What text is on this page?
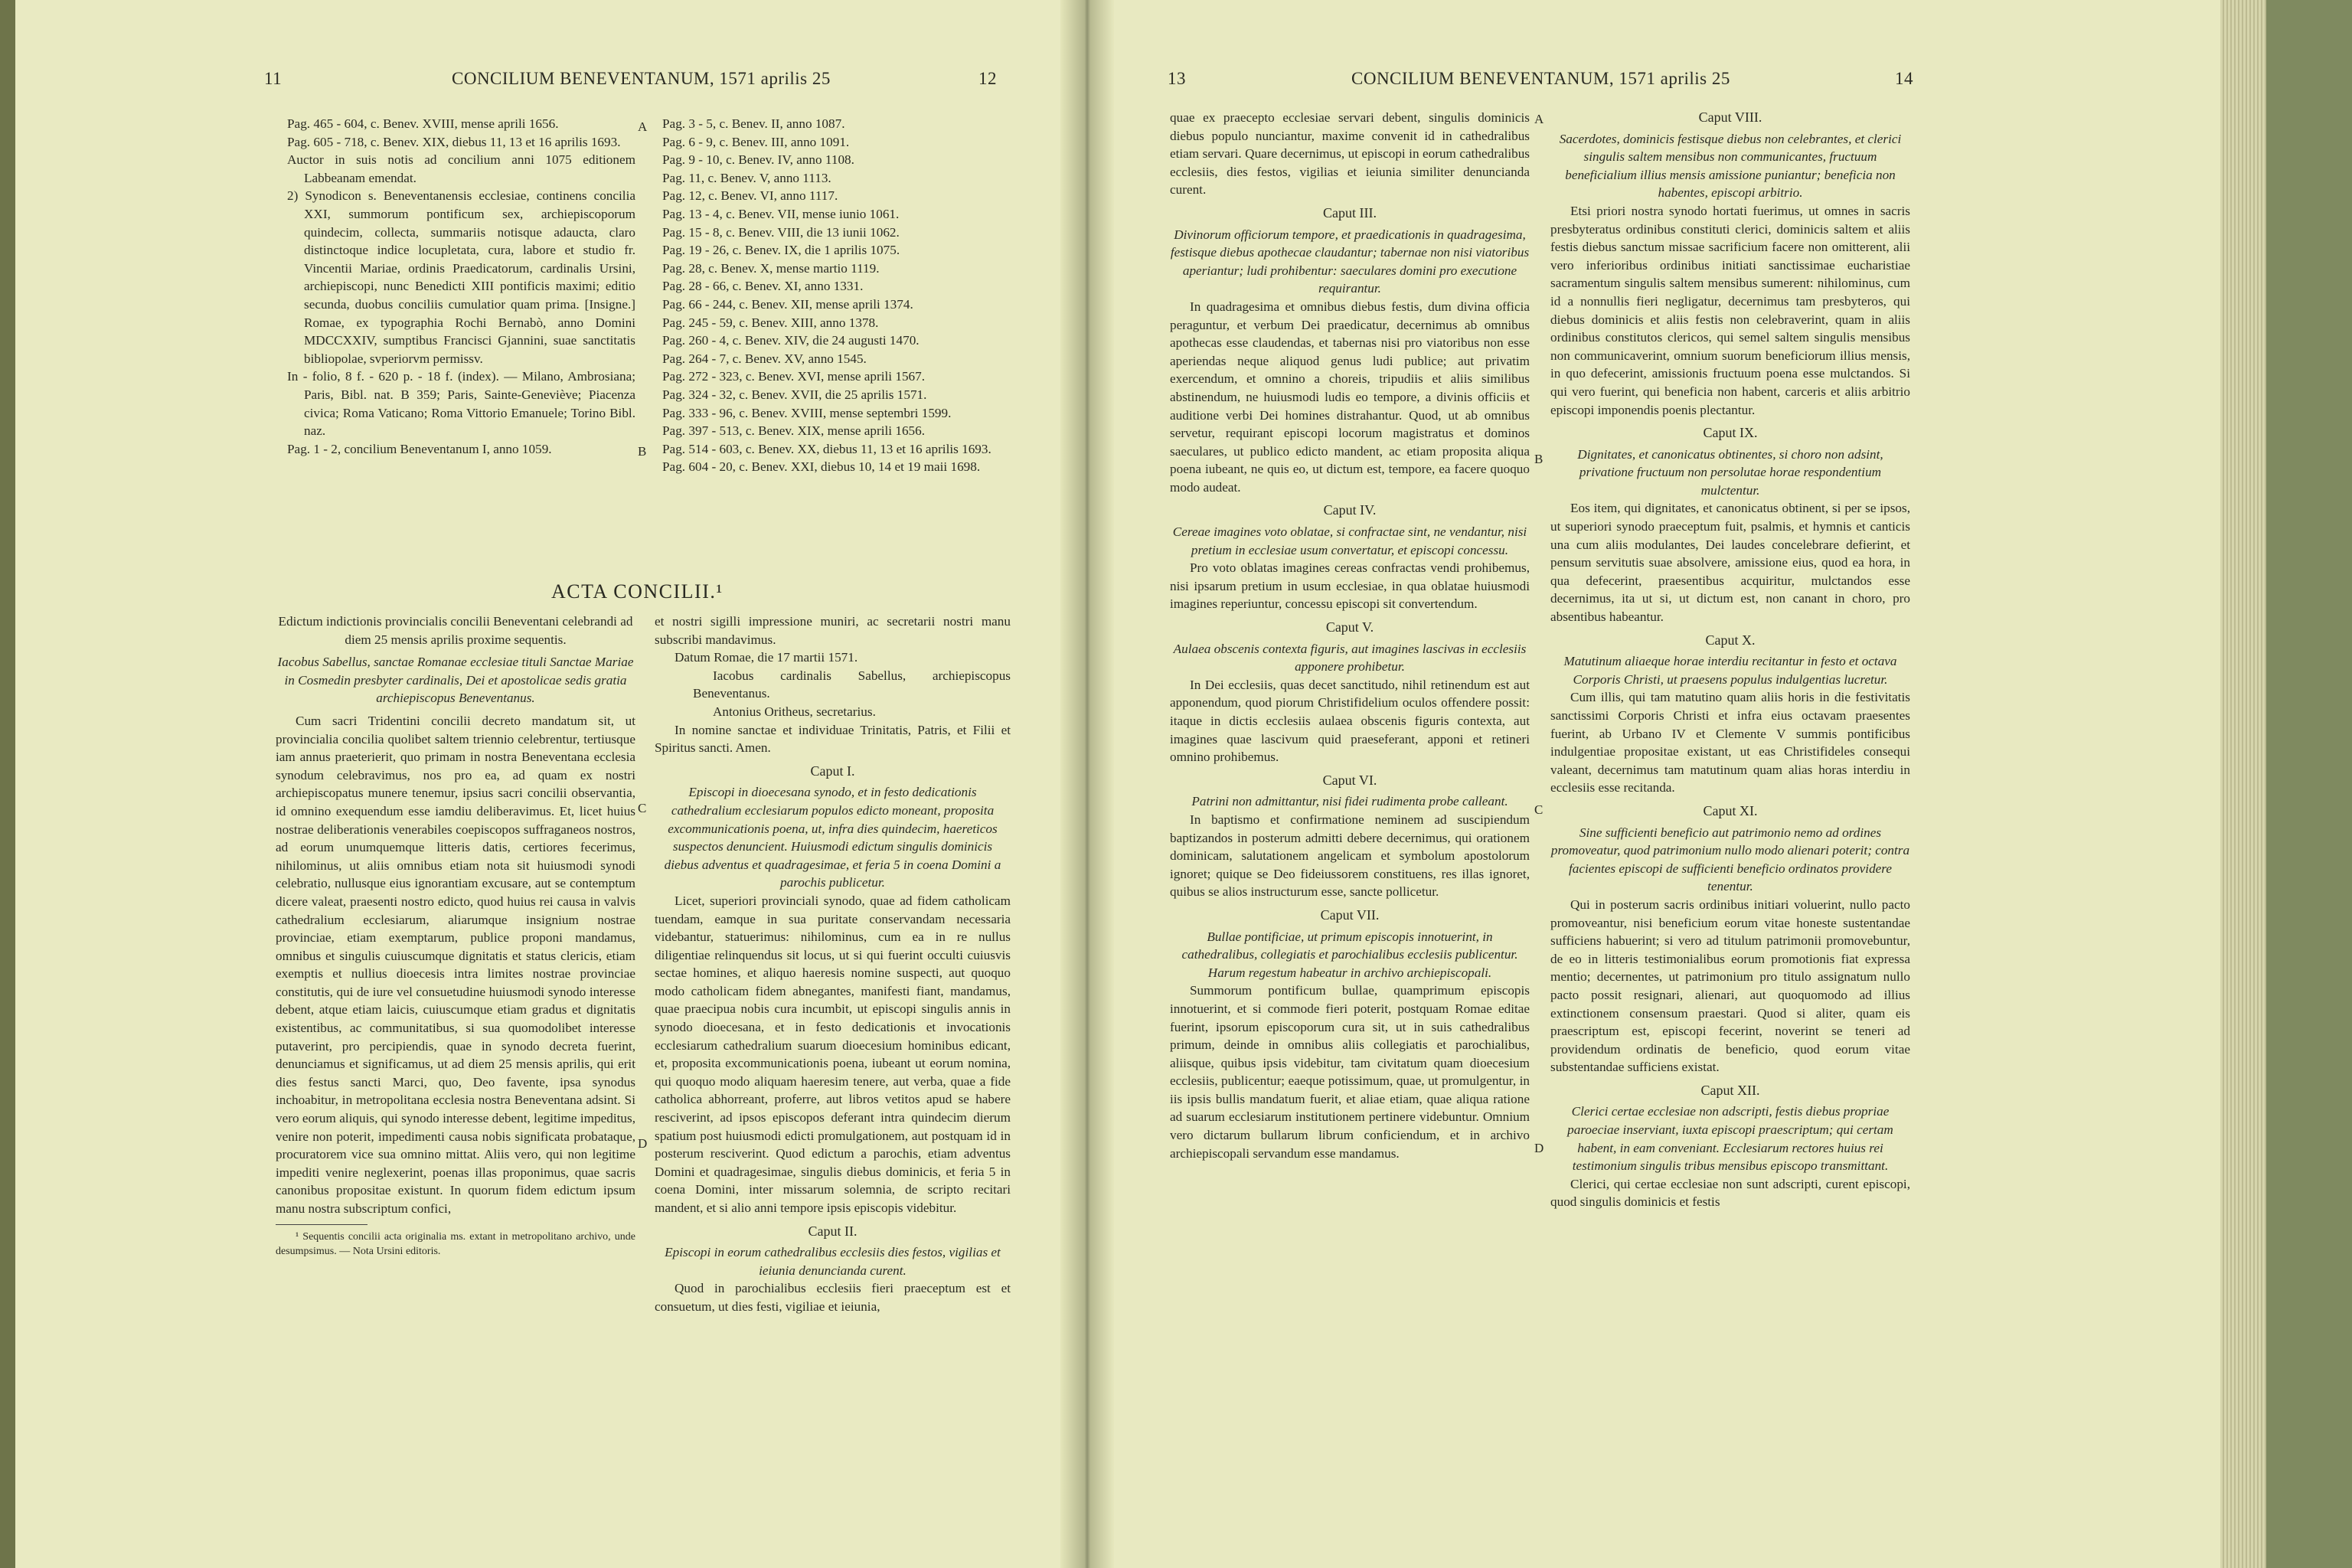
11	CONCILIUM BENEVENTANUM, 1571 aprilis 25	12

Pag. 465 - 604, c. Benev. XVIII, mense aprili 1656.

Pag. 605 - 718, c. Benev. XIX, diebus 11, 13 et 16 aprilis 1693.

Auctor in suis notis ad concilium anni 1075 editionem Labbeanam emendat.

2) Synodicon s. Beneventanensis ecclesiae, continens concilia XXI, summorum pontificum sex, archiepiscoporum quindecim, collecta, summariis notisque adaucta, claro distinctoque indice locupletata, cura, labore et studio fr. Vincentii Mariae, ordinis Praedicatorum, cardinalis Ursini, archiepiscopi, nunc Benedicti XIII pontificis maximi; editio secunda, duobus conciliis cumulatior quam prima. [Insigne.] Romae, ex typographia Rochi Bernabò, anno Domini MDCCXXIV, sumptibus Francisci Gjannini, suae sanctitatis bibliopolae, svperiorvm permissv.

In - folio, 8 f. - 620 p. - 18 f. (index). — Milano, Ambrosiana; Paris, Bibl. nat. B 359; Paris, Sainte-Geneviève; Piacenza civica; Roma Vaticano; Roma Vittorio Emanuele; Torino Bibl. naz.

Pag. 1 - 2, concilium Beneventanum I, anno 1059.

Pag. 3 - 5, c. Benev. II, anno 1087.

Pag. 6 - 9, c. Benev. III, anno 1091.

Pag. 9 - 10, c. Benev. IV, anno 1108.

Pag. 11, c. Benev. V, anno 1113.

Pag. 12, c. Benev. VI, anno 1117.

Pag. 13 - 4, c. Benev. VII, mense iunio 1061.

Pag. 15 - 8, c. Benev. VIII, die 13 iunii 1062.

Pag. 19 - 26, c. Benev. IX, die 1 aprilis 1075.

Pag. 28, c. Benev. X, mense martio 1119.

Pag. 28 - 66, c. Benev. XI, anno 1331.

Pag. 66 - 244, c. Benev. XII, mense aprili 1374.

Pag. 245 - 59, c. Benev. XIII, anno 1378.

Pag. 260 - 4, c. Benev. XIV, die 24 augusti 1470.

Pag. 264 - 7, c. Benev. XV, anno 1545.

Pag. 272 - 323, c. Benev. XVI, mense aprili 1567.

Pag. 324 - 32, c. Benev. XVII, die 25 aprilis 1571.

Pag. 333 - 96, c. Benev. XVIII, mense septembri 1599.

Pag. 397 - 513, c. Benev. XIX, mense aprili 1656.

Pag. 514 - 603, c. Benev. XX, diebus 11, 13 et 16 aprilis 1693.

Pag. 604 - 20, c. Benev. XXI, diebus 10, 14 et 19 maii 1698.

ACTA CONCILII.¹

Edictum indictionis provincialis concilii Beneventani celebrandi ad diem 25 mensis aprilis proxime sequentis.

Iacobus Sabellus, sanctae Romanae ecclesiae tituli Sanctae Mariae in Cosmedin presbyter cardinalis, Dei et apostolicae sedis gratia archiepiscopus Beneventanus.

Cum sacri Tridentini concilii decreto mandatum sit, ut provincialia concilia quolibet saltem triennio celebrentur, tertiusque iam annus praeterierit, quo primam in nostra Beneventana ecclesia synodum celebravimus, nos pro ea, ad quam ex nostri archiepiscopatus munere tenemur, ipsius sacri concilii observantia, id omnino exequendum esse iamdiu deliberavimus. Et, licet huius nostrae deliberationis venerabiles coepiscopos suffraganeos nostros, ad eorum unumquemque litteris datis, certiores fecerimus, nihilominus, ut aliis omnibus etiam nota sit huiusmodi synodi celebratio, nullusque eius ignorantiam excusare, aut se contemptum dicere valeat, praesenti nostro edicto, quod huius rei causa in valvis cathedralium ecclesiarum, aliarumque insignium nostrae provinciae, etiam exemptarum, publice proponi mandamus, omnibus et singulis cuiuscumque dignitatis et status clericis, etiam exemptis et nullius dioecesis intra limites nostrae provinciae constitutis, qui de iure vel consuetudine huiusmodi synodo interesse debent, atque etiam laicis, cuiuscumque etiam gradus et dignitatis existentibus, ac communitatibus, si sua quomodolibet interesse putaverint, pro percipiendis, quae in synodo decreta fuerint, denunciamus et significamus, ut ad diem 25 mensis aprilis, qui erit dies festus sancti Marci, quo, Deo favente, ipsa synodus inchoabitur, in metropolitana ecclesia nostra Beneventana adsint. Si vero eorum aliquis, qui synodo interesse debent, legitime impeditus, venire non poterit, impedimenti causa nobis significata probataque, procuratorem vice sua omnino mittat. Aliis vero, qui non legitime impediti venire neglexerint, poenas illas proponimus, quae sacris canonibus propositae existunt. In quorum fidem edictum ipsum manu nostra subscriptum confici,

¹ Sequentis concilii acta originalia ms. extant in metropolitano archivo, unde desumpsimus. — Nota Ursini editoris.

et nostri sigilli impressione muniri, ac secretarii nostri manu subscribi mandavimus.

Datum Romae, die 17 martii 1571.

Iacobus cardinalis Sabellus, archiepiscopus Beneventanus.

Antonius Oritheus, secretarius.

In nomine sanctae et individuae Trinitatis, Patris, et Filii et Spiritus sancti. Amen.

Caput I.

Episcopi in dioecesana synodo, et in festo dedicationis cathedralium ecclesiarum populos edicto moneant, proposita excommunicationis poena, ut, infra dies quindecim, haereticos suspectos denuncient. Huiusmodi edictum singulis dominicis diebus adventus et quadragesimae, et feria 5 in coena Domini a parochis publicetur.

Licet, superiori provinciali synodo, quae ad fidem catholicam tuendam, eamque in sua puritate conservandam necessaria videbantur, statuerimus: nihilominus, cum ea in re nullus diligentiae relinquendus sit locus, ut si qui fuerint occulti cuiusvis sectae homines, et aliquo haeresis nomine suspecti, aut quoquo modo catholicam fidem abnegantes, manifesti fiant, mandamus, quae praecipua nobis cura incumbit, ut episcopi singulis annis in synodo dioecesana, et in festo dedicationis et invocationis ecclesiarum cathedralium suarum dioecesium hominibus edicant, et, proposita excommunicationis poena, iubeant ut eorum nomina, qui quoquo modo aliquam haeresim tenere, aut verba, quae a fide catholica abhorreant, proferre, aut libros vetitos apud se habere resciverint, ad ipsos episcopos deferant intra quindecim dierum spatium post huiusmodi edicti promulgationem, aut postquam id in posterum resciverint. Quod edictum a parochis, etiam adventus Domini et quadragesimae, singulis diebus dominicis, et feria 5 in coena Domini, inter missarum solemnia, de scripto recitari mandent, et si alio anni tempore ipsis episcopis videbitur.

Caput II.

Episcopi in eorum cathedralibus ecclesiis dies festos, vigilias et ieiunia denuncianda curent.

Quod in parochialibus ecclesiis fieri praeceptum est et consuetum, ut dies festi, vigiliae et ieiunia,

A
B
C
D
13	CONCILIUM BENEVENTANUM, 1571 aprilis 25	14

quae ex praecepto ecclesiae servari debent, singulis dominicis diebus populo nunciantur, maxime convenit id in cathedralibus etiam servari. Quare decernimus, ut episcopi in eorum cathedralibus ecclesiis, dies festos, vigilias et ieiunia similiter denunciandа curent.

Caput III.

Divinorum officiorum tempore, et praedicationis in quadragesima, festisque diebus apothecae claudantur; tabernae non nisi viatoribus aperiantur; ludi prohibentur: saeculares domini pro executione requirantur.

In quadragesima et omnibus diebus festis, dum divina officia peraguntur, et verbum Dei praedicatur, decernimus ab omnibus apothecas esse claudendas, et tabernas nisi pro viatoribus non esse aperiendas neque aliquod genus ludi publice; aut privatim exercendum, et omnino a choreis, tripudiis et aliis similibus abstinendum, ne huiusmodi ludis eo tempore, a divinis officiis et auditione verbi Dei homines distrahantur. Quod, ut ab omnibus servetur, requirant episcopi locorum magistratus et dominos saeculares, ut publico edicto mandent, ac etiam proposita aliqua poena iubeant, ne quis eo, ut dictum est, tempore, ea facere quoquo modo audeat.

Caput IV.

Cereae imagines voto oblatae, si confractae sint, ne vendantur, nisi pretium in ecclesiae usum convertatur, et episcopi concessu.

Pro voto oblatas imagines cereas confractas vendi prohibemus, nisi ipsarum pretium in usum ecclesiae, in qua oblatae huiusmodi imagines reperiuntur, concessu episcopi sit convertendum.

Caput V.

Aulaea obscenis contexta figuris, aut imagines lascivas in ecclesiis apponere prohibetur.

In Dei ecclesiis, quas decet sanctitudo, nihil retinendum est aut apponendum, quod piorum Christifidelium oculos offendere possit: itaque in dictis ecclesiis aulaea obscenis figuris contexta, aut imagines quae lascivum quid praeseferant, apponi et retineri omnino prohibemus.

Caput VI.

Patrini non admittantur, nisi fidei rudimenta probe calleant.

In baptismo et confirmatione neminem ad suscipiendum baptizandos in posterum admitti debere decernimus, qui orationem dominicam, salutationem angelicam et symbolum apostolorum ignoret; quique se Deo fideiussorem constituens, res illas ignoret, quibus se alios instructurum esse, sancte pollicetur.

Caput VII.

Bullae pontificiae, ut primum episcopis innotuerint, in cathedralibus, collegiatis et parochialibus ecclesiis publicentur. Harum regestum habeatur in archivo archiepiscopali.

Summorum pontificum bullae, quamprimum episcopis innotuerint, et si commode fieri poterit, postquam Romae editae fuerint, ipsorum episcoporum cura sit, ut in suis cathedralibus primum, deinde in omnibus aliis collegiatis et parochialibus, aliisque, quibus ipsis videbitur, tam civitatum quam dioecesium ecclesiis, publicentur; eaeque potissimum, quae, ut promulgentur, in iis ipsis bullis mandatum fuerit, et aliae etiam, quae aliqua ratione ad suarum ecclesiarum institutionem pertinere videbuntur. Omnium vero dictarum bullarum librum conficiendum, et in archivo archiepiscopali servandum esse mandamus.

Caput VIII.

Sacerdotes, dominicis festisque diebus non celebrantes, et clerici singulis saltem mensibus non communicantes, fructuum beneficialium illius mensis amissione puniantur; beneficia non habentes, episcopi arbitrio.

Etsi priori nostra synodo hortati fuerimus, ut omnes in sacris presbyteratus ordinibus constituti clerici, dominicis saltem et aliis festis diebus sanctum missae sacrificium facere non omitterent, alii vero inferioribus ordinibus initiati sanctissimae eucharistiae sacramentum singulis saltem mensibus sumerent: nihilominus, cum id a nonnullis fieri negligatur, decernimus tam presbyteros, qui diebus dominicis et aliis festis non celebraverint, quam in aliis ordinibus constitutos clericos, qui semel saltem singulis mensibus non communicaverint, omnium suorum beneficiorum illius mensis, in quo defecerint, amissionis fructuum poena esse mulctandos. Si qui vero fuerint, qui beneficia non habent, carceris et aliis arbitrio episcopi imponendis poenis plectantur.

Caput IX.

Dignitates, et canonicatus obtinentes, si choro non adsint, privatione fructuum non persolutae horae respondentium mulctentur.

Eos item, qui dignitates, et canonicatus obtinent, si per se ipsos, ut superiori synodo praeceptum fuit, psalmis, et hymnis et canticis una cum aliis modulantes, Dei laudes concelebrare defierint, et pensum servitutis suae absolvere, amissione eius, quod ea hora, in qua defecerint, praesentibus acquiritur, mulctandos esse decernimus, ita ut si, ut dictum est, non canant in choro, pro absentibus habeantur.

Caput X.

Matutinum aliaeque horae interdiu recitantur in festo et octava Corporis Christi, ut praesens populus indulgentias lucretur.

Cum illis, qui tam matutino quam aliis horis in die festivitatis sanctissimi Corporis Christi et infra eius octavam praesentes fuerint, ab Urbano IV et Clemente V summis pontificibus indulgentiae propositae existant, ut eas Christifideles consequi valeant, decernimus tam matutinum quam alias horas interdiu in ecclesiis esse recitanda.

Caput XI.

Sine sufficienti beneficio aut patrimonio nemo ad ordines promoveatur, quod patrimonium nullo modo alienari poterit; contra facientes episcopi de sufficienti beneficio ordinatos providere tenentur.

Qui in posterum sacris ordinibus initiari voluerint, nullo pacto promoveantur, nisi beneficium eorum vitae honeste sustentandae sufficiens habuerint; si vero ad titulum patrimonii promovebuntur, de eo in litteris testimonialibus eorum promotionis fiat expressa mentio; decernentes, ut patrimonium pro titulo assignatum nullo pacto possit resignari, alienari, aut quoquomodo ad illius extinctionem consensum praestari. Quod si aliter, quam eis praescriptum est, episcopi fecerint, noverint se teneri ad providendum ordinatis de beneficio, quod eorum vitae substentandae sufficiens existat.

Caput XII.

Clerici certae ecclesiae non adscripti, festis diebus propriae paroeciae inserviant, iuxta episcopi praescriptum; qui certam habent, in eam conveniant. Ecclesiarum rectores huius rei testimonium singulis tribus mensibus episcopo transmittant.

Clerici, qui certae ecclesiae non sunt adscripti, curent episcopi, quod singulis dominicis et festis

A
B
C
D
